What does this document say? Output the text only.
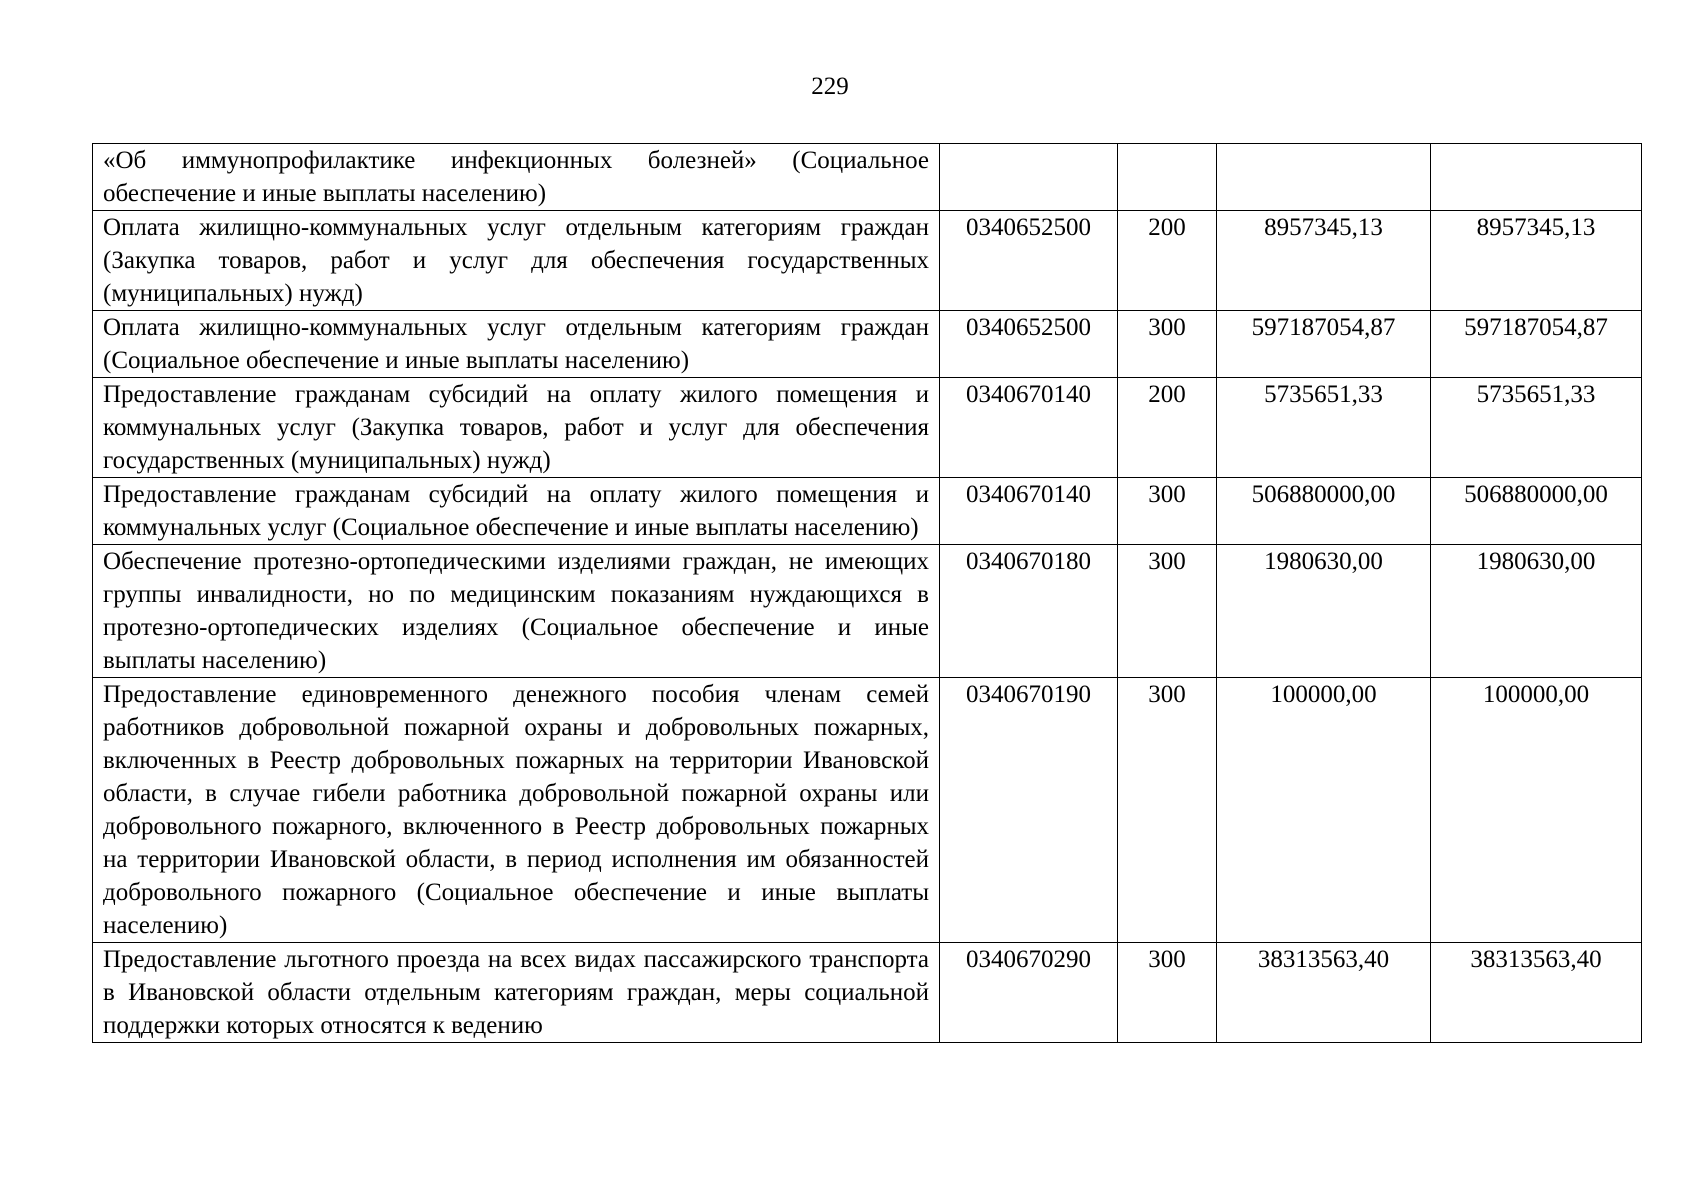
229
«Об иммунопрофилактике инфекционных болезней» (Социальное обеспечение и иные выплаты населению)				
Оплата жилищно-коммунальных услуг отдельным категориям граждан (Закупка товаров, работ и услуг для обеспечения государственных (муниципальных) нужд)	0340652500	200	8957345,13	8957345,13
Оплата жилищно-коммунальных услуг отдельным категориям граждан (Социальное обеспечение и иные выплаты населению)	0340652500	300	597187054,87	597187054,87
Предоставление гражданам субсидий на оплату жилого помещения и коммунальных услуг (Закупка товаров, работ и услуг для обеспечения государственных (муниципальных) нужд)	0340670140	200	5735651,33	5735651,33
Предоставление гражданам субсидий на оплату жилого помещения и коммунальных услуг (Социальное обеспечение и иные выплаты населению)	0340670140	300	506880000,00	506880000,00
Обеспечение протезно-ортопедическими изделиями граждан, не имеющих группы инвалидности, но по медицинским показаниям нуждающихся в протезно-ортопедических изделиях (Социальное обеспечение и иные выплаты населению)	0340670180	300	1980630,00	1980630,00
Предоставление единовременного денежного пособия членам семей работников добровольной пожарной охраны и добровольных пожарных, включенных в Реестр добровольных пожарных на территории Ивановской области, в случае гибели работника добровольной пожарной охраны или добровольного пожарного, включенного в Реестр добровольных пожарных на территории Ивановской области, в период исполнения им обязанностей добровольного пожарного (Социальное обеспечение и иные выплаты населению)	0340670190	300	100000,00	100000,00
Предоставление льготного проезда на всех видах пассажирского транспорта в Ивановской области отдельным категориям граждан, меры социальной поддержки которых относятся к ведению	0340670290	300	38313563,40	38313563,40
